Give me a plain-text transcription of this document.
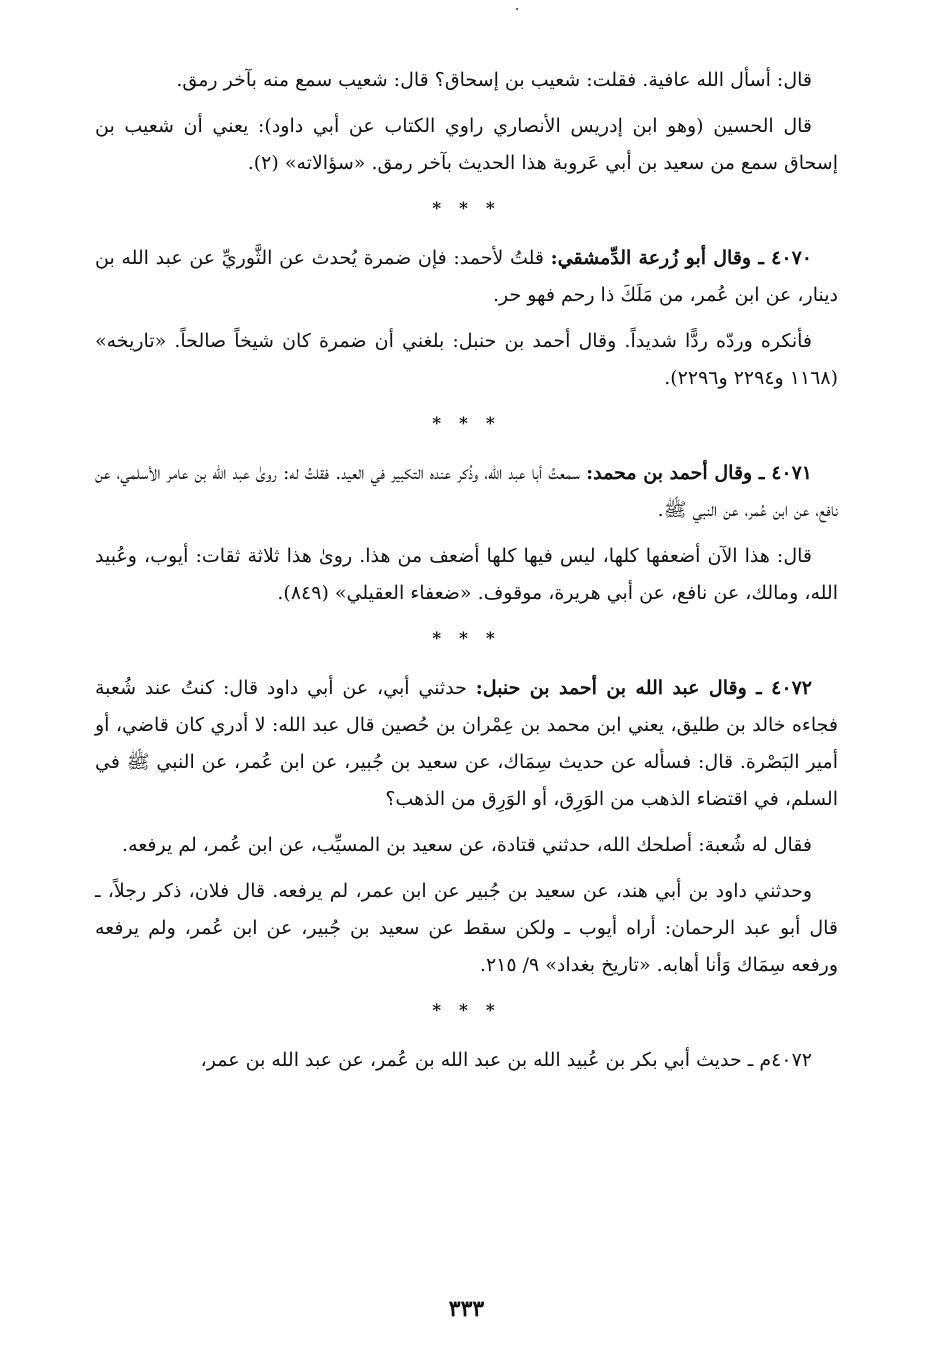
قال: أسأل الله عافية. فقلت: شعيب بن إسحاق؟ قال: شعيب سمع منه بآخر رمق.

قال الحسين (وهو ابن إدريس الأنصاري راوي الكتاب عن أبي داود): يعني أن شعيب بن إسحاق سمع من سعيد بن أبي عَروبة هذا الحديث بآخر رمق. «سؤالاته» (٢).

* * *

٤٠٧٠ ـ وقال أبو زُرعة الدِّمشقي: قلتُ لأحمد: فإن ضمرة يُحدث عن الثَّوريِّ عن عبد الله بن دينار، عن ابن عُمر، من مَلَكَ ذا رحم فهو حر.

فأنكره وردّه ردًّا شديداً. وقال أحمد بن حنبل: بلغني أن ضمرة كان شيخاً صالحاً. «تاريخه» (١١٦٨ و٢٢٩٤ و٢٢٩٦).

* * *

٤٠٧١ ـ وقال أحمد بن محمد: سمعتُ أبا عبد الله، وذُكر عنده التكبير في العيد. فقلتُ له: روىٰ عبد الله بن عامر الأسلمي، عن نافع، عن ابن عُمر، عن النبي ﷺ.

قال: هذا الآن أضعفها كلها، ليس فيها كلها أضعف من هذا. روىٰ هذا ثلاثة ثقات: أيوب، وعُبيد الله، ومالك، عن نافع، عن أبي هريرة، موقوف. «ضعفاء العقيلي» (٨٤٩).

* * *

٤٠٧٢ ـ وقال عبد الله بن أحمد بن حنبل: حدثني أبي، عن أبي داود قال: كنتُ عند شُعبة فجاءه خالد بن طليق، يعني ابن محمد بن عِمْران بن حُصين قال عبد الله: لا أدري كان قاضي، أو أمير البَصْرة. قال: فسأله عن حديث سِمَاك، عن سعيد بن جُبير، عن ابن عُمر، عن النبي ﷺ في السلم، في اقتضاء الذهب من الوَرِق، أو الوَرِق من الذهب؟

فقال له شُعبة: أصلحك الله، حدثني قتادة، عن سعيد بن المسيِّب، عن ابن عُمر، لم يرفعه.

وحدثني داود بن أبي هند، عن سعيد بن جُبير عن ابن عمر، لم يرفعه. قال فلان، ذكر رجلاً، ـ قال أبو عبد الرحمان: أراه أيوب ـ ولكن سقط عن سعيد بن جُبير، عن ابن عُمر، ولم يرفعه ورفعه سِمَاك وَأنا أهابه. «تاريخ بغداد» ٩/ ٢١٥.

* * *

٤٠٧٢م ـ حديث أبي بكر بن عُبيد الله بن عبد الله بن عُمر، عن عبد الله بن عمر،

٣٣٣
